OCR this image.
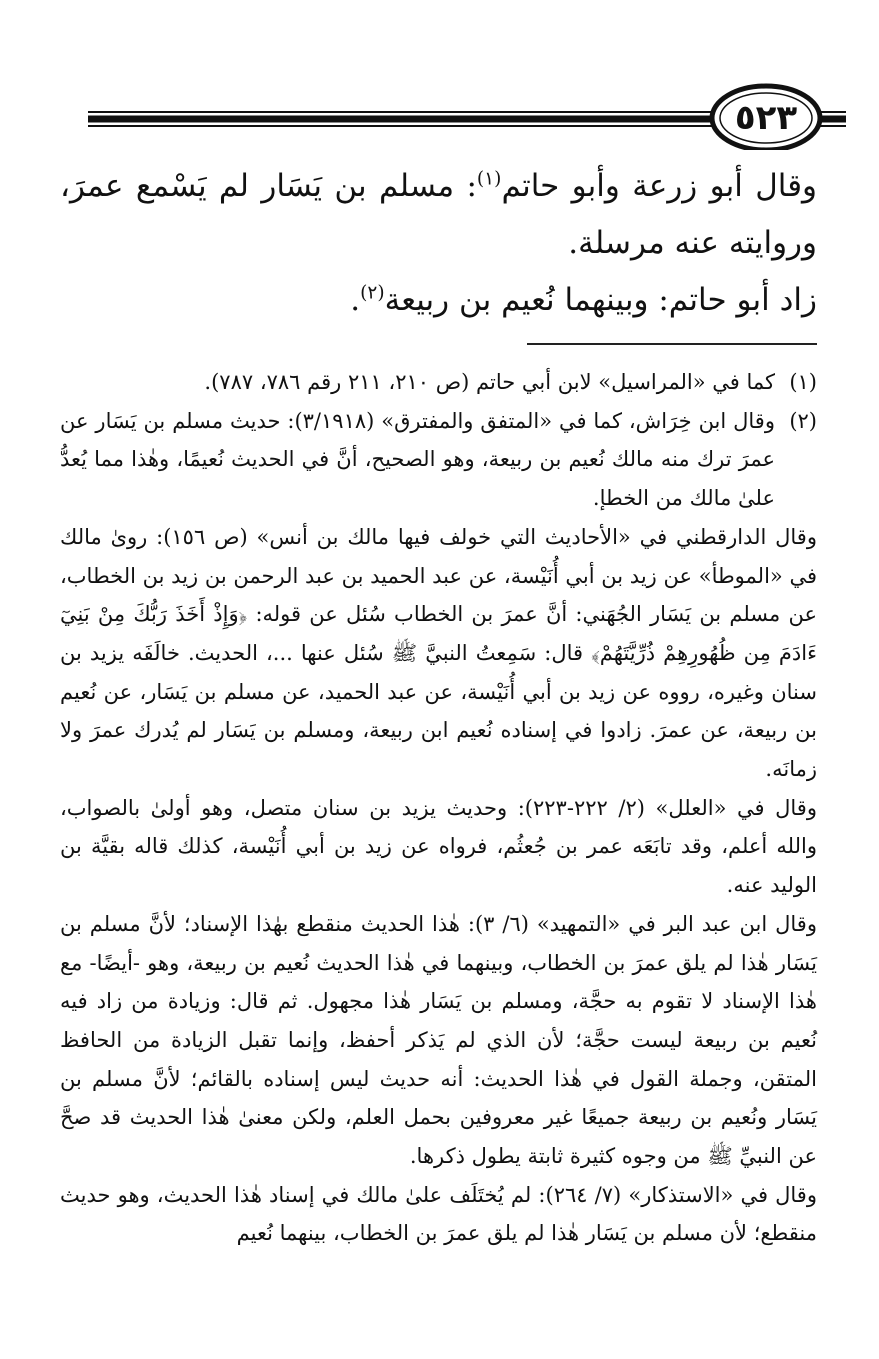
٥٢٣

وقال أبو زرعة وأبو حاتم$^{(١)}$: مسلم بن يَسَار لم يَسْمع عمرَ، وروايته عنه مرسلة.

زاد أبو حاتم: وبينهما نُعيم بن ربيعة$^{(٢)}$.

(١)
كما في «المراسيل» لابن أبي حاتم (ص ٢١٠، ٢١١ رقم ٧٨٦، ٧٨٧).
(٢)
وقال ابن خِرَاش، كما في «المتفق والمفترق» (٣/١٩١٨): حديث مسلم بن يَسَار عن عمرَ ترك منه مالك نُعيم بن ربيعة، وهو الصحيح، أنَّ في الحديث نُعيمًا، وهٰذا مما يُعدُّ علىٰ مالك من الخطإ.

وقال الدارقطني في «الأحاديث التي خولف فيها مالك بن أنس» (ص ١٥٦): روىٰ مالك في «الموطأ» عن زيد بن أبي أُنَيْسة، عن عبد الحميد بن عبد الرحمن بن زيد بن الخطاب، عن مسلم بن يَسَار الجُهَني: أنَّ عمرَ بن الخطاب سُئل عن قوله: ﴿وَإِذْ أَخَذَ رَبُّكَ مِنْ بَنِيٓ ءَادَمَ مِن ظُهُورِهِمْ ذُرِّيَّتَهُمْ﴾ قال: سَمِعتُ النبيَّ ﷺ سُئل عنها ...، الحديث. خالَفَه يزيد بن سنان وغيره، رووه عن زيد بن أبي أُنَيْسة، عن عبد الحميد، عن مسلم بن يَسَار، عن نُعيم بن ربيعة، عن عمرَ. زادوا في إسناده نُعيم ابن ربيعة، ومسلم بن يَسَار لم يُدرك عمرَ ولا زمانَه.

وقال في «العلل» (٢/ ٢٢٢-٢٢٣): وحديث يزيد بن سنان متصل، وهو أولىٰ بالصواب، والله أعلم، وقد تابَعَه عمر بن جُعثُم، فرواه عن زيد بن أبي أُنَيْسة، كذلك قاله بقيَّة بن الوليد عنه.

وقال ابن عبد البر في «التمهيد» (٦/ ٣): هٰذا الحديث منقطع بهٰذا الإسناد؛ لأنَّ مسلم بن يَسَار هٰذا لم يلق عمرَ بن الخطاب، وبينهما في هٰذا الحديث نُعيم بن ربيعة، وهو -أيضًا- مع هٰذا الإسناد لا تقوم به حجَّة، ومسلم بن يَسَار هٰذا مجهول. ثم قال: وزيادة من زاد فيه نُعيم بن ربيعة ليست حجَّة؛ لأن الذي لم يَذكر أحفظ، وإنما تقبل الزيادة من الحافظ المتقن، وجملة القول في هٰذا الحديث: أنه حديث ليس إسناده بالقائم؛ لأنَّ مسلم بن يَسَار ونُعيم بن ربيعة جميعًا غير معروفين بحمل العلم، ولكن معنىٰ هٰذا الحديث قد صحَّ عن النبيِّ ﷺ من وجوه كثيرة ثابتة يطول ذكرها.

وقال في «الاستذكار» (٧/ ٢٦٤): لم يُختَلَف علىٰ مالك في إسناد هٰذا الحديث، وهو حديث منقطع؛ لأن مسلم بن يَسَار هٰذا لم يلق عمرَ بن الخطاب، بينهما نُعيم
